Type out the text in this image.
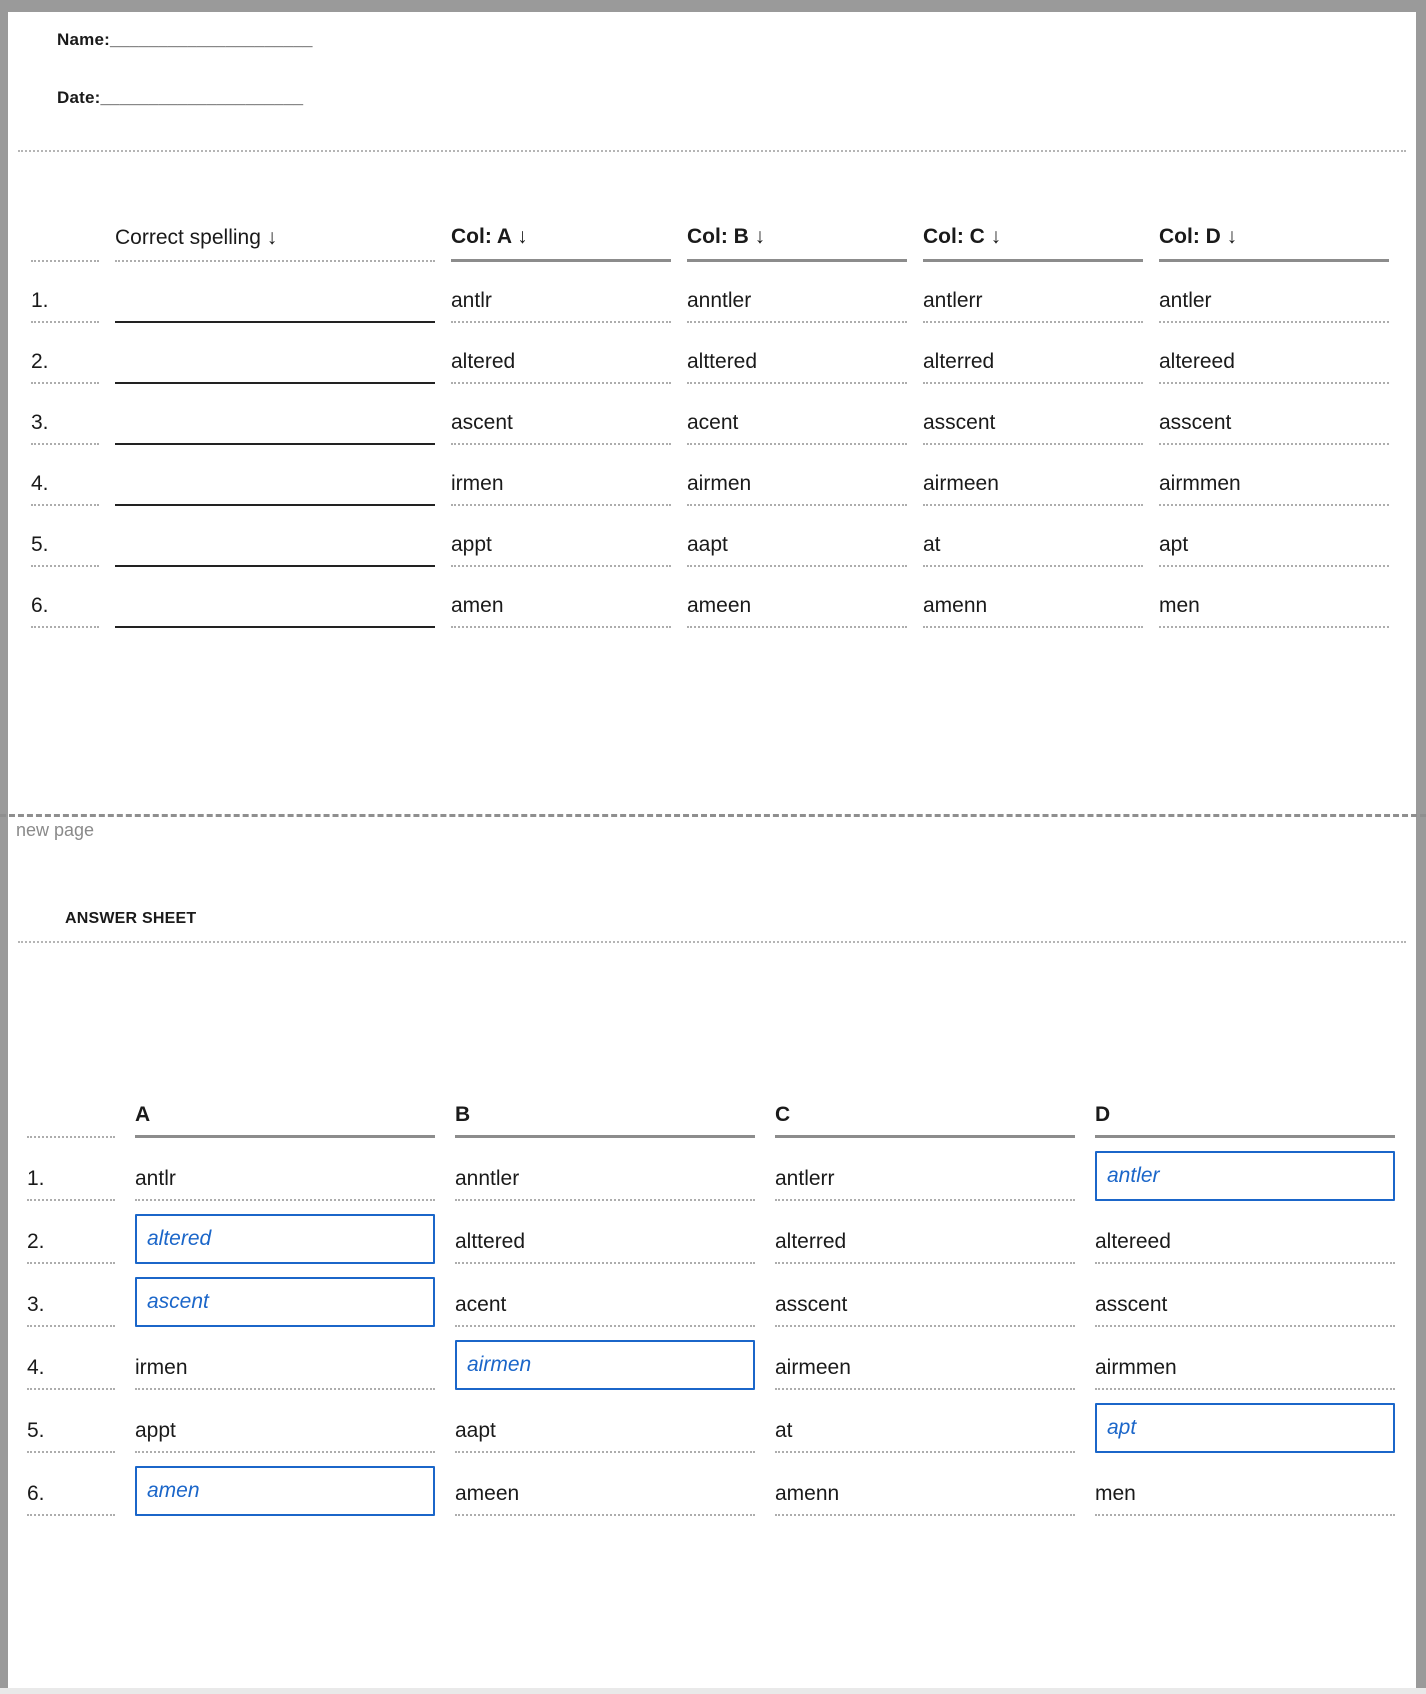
Name:_____________________
Date:_____________________
Correct spelling ↓	Col: A ↓	Col: B ↓	Col: C ↓	Col: D ↓
1.	antlr	anntler	antlerr	antler
2.	altered	alttered	alterred	altereed
3.	ascent	acent	asscent	asscent
4.	irmen	airmen	airmeen	airmmen
5.	appt	aapt	at	apt
6.	amen	ameen	amenn	men
ANSWER SHEET
A	B	C	D
1.	antlr	anntler	antlerr	antler
2.	altered	alttered	alterred	altereed
3.	ascent	acent	asscent	asscent
4.	irmen	airmen	airmeen	airmmen
5.	appt	aapt	at	apt
6.	amen	ameen	amenn	men
new page
